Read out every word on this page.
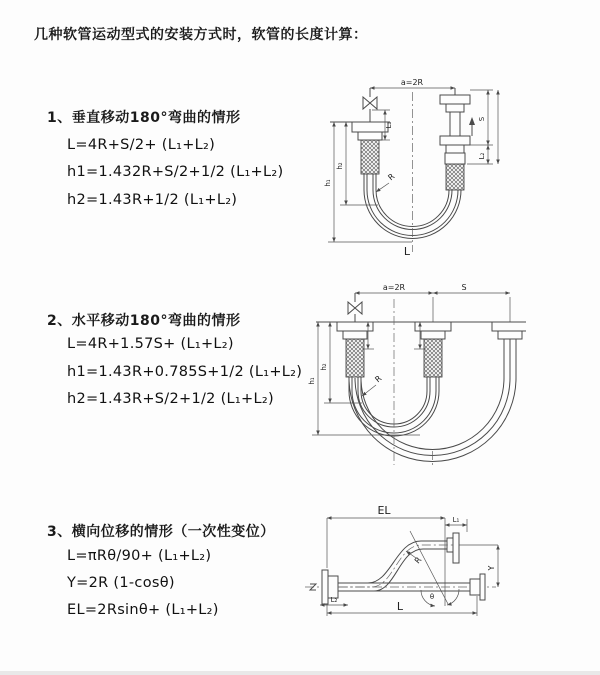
几种软管运动型式的安装方式时，软管的长度计算：
1、垂直移动180°弯曲的情形
L=4R+S/2+ (L₁+L₂)
h1=1.432R+S/2+1/2 (L₁+L₂)
h2=1.43R+1/2 (L₁+L₂)
2、水平移动180°弯曲的情形
L=4R+1.57S+ (L₁+L₂)
h1=1.43R+0.785S+1/2 (L₁+L₂)
h2=1.43R+S/2+1/2 (L₁+L₂)
3、横向位移的情形（一次性变位）
L=πRθ/90+ (L₁+L₂)
Y=2R (1-cosθ)
EL=2Rsinθ+ (L₁+L₂)
a=2R
h₁
h₂
L₁
S
L₂
R
L
a=2R	S
h₁
h₂
R
EL
L₁
Y
θ
R
L₂	L
